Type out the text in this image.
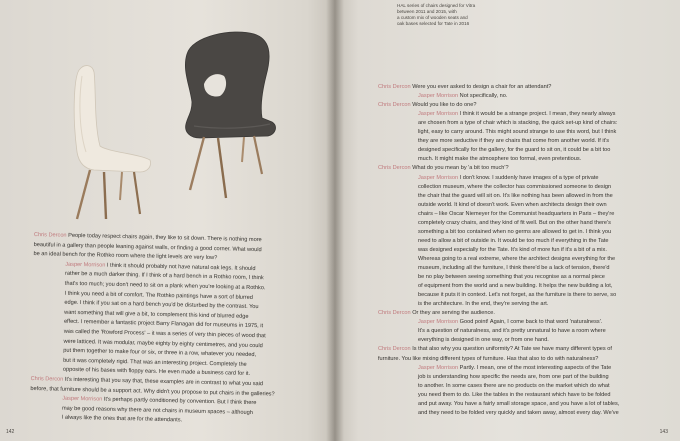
Chris Dercon People today respect chairs again, they like to sit down. There is nothing more
beautiful in a gallery than people leaning against walls, or finding a good corner. What would
be an ideal bench for the Rothko room where the light levels are very low?
Jasper Morrison I think it should probably not have natural oak legs. It should
rather be a much darker thing. If I think of a hard bench in a Rothko room, I think
that's too much; you don't need to sit on a plank when you're looking at a Rothko.
I think you need a bit of comfort. The Rothko paintings have a sort of blurred
edge. I think if you sat on a hard bench you'd be disturbed by the contrast. You
want something that will give a bit, to complement this kind of blurred edge
effect. I remember a fantastic project Barry Flanagan did for museums in 1975, it
was called the 'Rowford Process' – it was a series of very thin pieces of wood that
were latticed. It was modular, maybe eighty by eighty centimetres, and you could
put them together to make four or six, or three in a row, whatever you needed,
but it was completely rigid. That was an interesting project. Completely the
opposite of his bases with floppy ears. He even made a business card for it.
Chris Dercon It's interesting that you say that, these examples are in contrast to what you said
before, that furniture should be a support act. Why didn't you propose to put chairs in the galleries?
Jasper Morrison It's perhaps partly conditioned by convention. But I think there
may be good reasons why there are not chairs in museum spaces – although
I always like the ones that are for the attendants.
142
Chris Dercon Were you ever asked to design a chair for an attendant?
Jasper Morrison Not specifically, no.
Chris Dercon Would you like to do one?
Jasper Morrison I think it would be a strange project. I mean, they nearly always
are chosen from a type of chair which is stacking, the quick set-up kind of chairs:
light, easy to carry around. This might sound strange to use this word, but I think
they are more seductive if they are chairs that come from another world. If it's
designed specifically for the gallery, for the guard to sit on, it could be a bit too
much. It might make the atmosphere too formal, even pretentious.
Chris Dercon What do you mean by 'a bit too much'?
Jasper Morrison I don't know. I suddenly have images of a type of private
collection museum, where the collector has commissioned someone to design
the chair that the guard will sit on. It's like nothing has been allowed in from the
outside world. It kind of doesn't work. Even when architects design their own
chairs – like Oscar Niemeyer for the Communist headquarters in Paris – they're
completely crazy chairs, and they kind of fit well. But on the other hand there's
something a bit too contained when no germs are allowed to get in. I think you
need to allow a bit of outside in. It would be too much if everything in the Tate
was designed especially for the Tate. It's kind of more fun if it's a bit of a mix.
Whereas going to a real extreme, where the architect designs everything for the
museum, including all the furniture, I think there'd be a lack of tension, there'd
be no play between seeing something that you recognise as a normal piece
of equipment from the world and a new building. It helps the new building a lot,
because it puts it in context. Let's not forget, as the furniture is there to serve, so
is the architecture. In the end, they're serving the art.
Chris Dercon Or they are serving the audience.
Jasper Morrison Good point! Again, I come back to that word 'naturalness'.
It's a question of naturalness, and it's pretty unnatural to have a room where
everything is designed in one way, or from one hand.
Chris Dercon Is that also why you question uniformity? At Tate we have many different types of
furniture. You like mixing different types of furniture. Has that also to do with naturalness?
Jasper Morrison Partly. I mean, one of the most interesting aspects of the Tate
job is understanding how specific the needs are, from one part of the building
to another. In some cases there are no products on the market which do what
you need them to do. Like the tables in the restaurant which have to be folded
and put away. You have a fairly small storage space, and you have a lot of tables,
and they need to be folded very quickly and taken away, almost every day. We've
143
HAL series of chairs designed for Vitra
between 2011 and 2015, with
a custom mix of wooden seats and
oak bases selected for Tate in 2016
